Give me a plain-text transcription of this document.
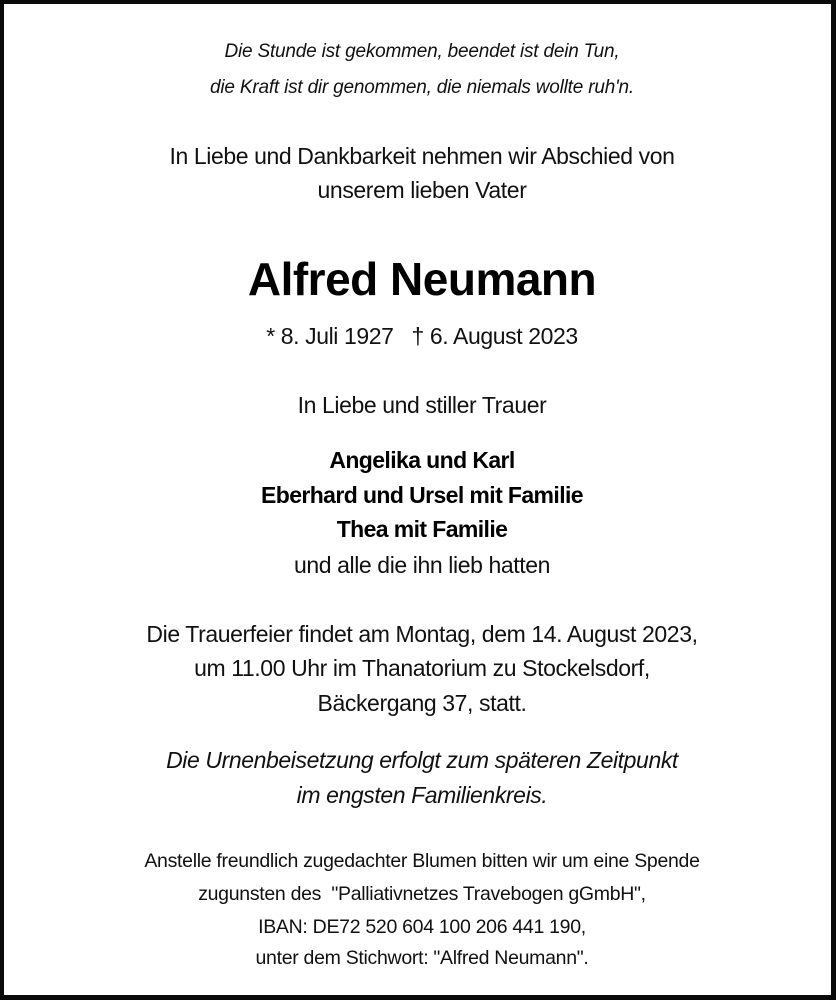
Die Stunde ist gekommen, beendet ist dein Tun,
die Kraft ist dir genommen, die niemals wollte ruh'n.
In Liebe und Dankbarkeit nehmen wir Abschied von
unserem lieben Vater
Alfred Neumann
* 8. Juli 1927   † 6. August 2023
In Liebe und stiller Trauer
Angelika und Karl
Eberhard und Ursel mit Familie
Thea mit Familie
und alle die ihn lieb hatten
Die Trauerfeier findet am Montag, dem 14. August 2023,
um 11.00 Uhr im Thanatorium zu Stockelsdorf,
Bäckergang 37, statt.
Die Urnenbeisetzung erfolgt zum späteren Zeitpunkt
im engsten Familienkreis.
Anstelle freundlich zugedachter Blumen bitten wir um eine Spende
zugunsten des  "Palliativnetzes Travebogen gGmbH",
IBAN: DE72 520 604 100 206 441 190,
unter dem Stichwort: "Alfred Neumann".
